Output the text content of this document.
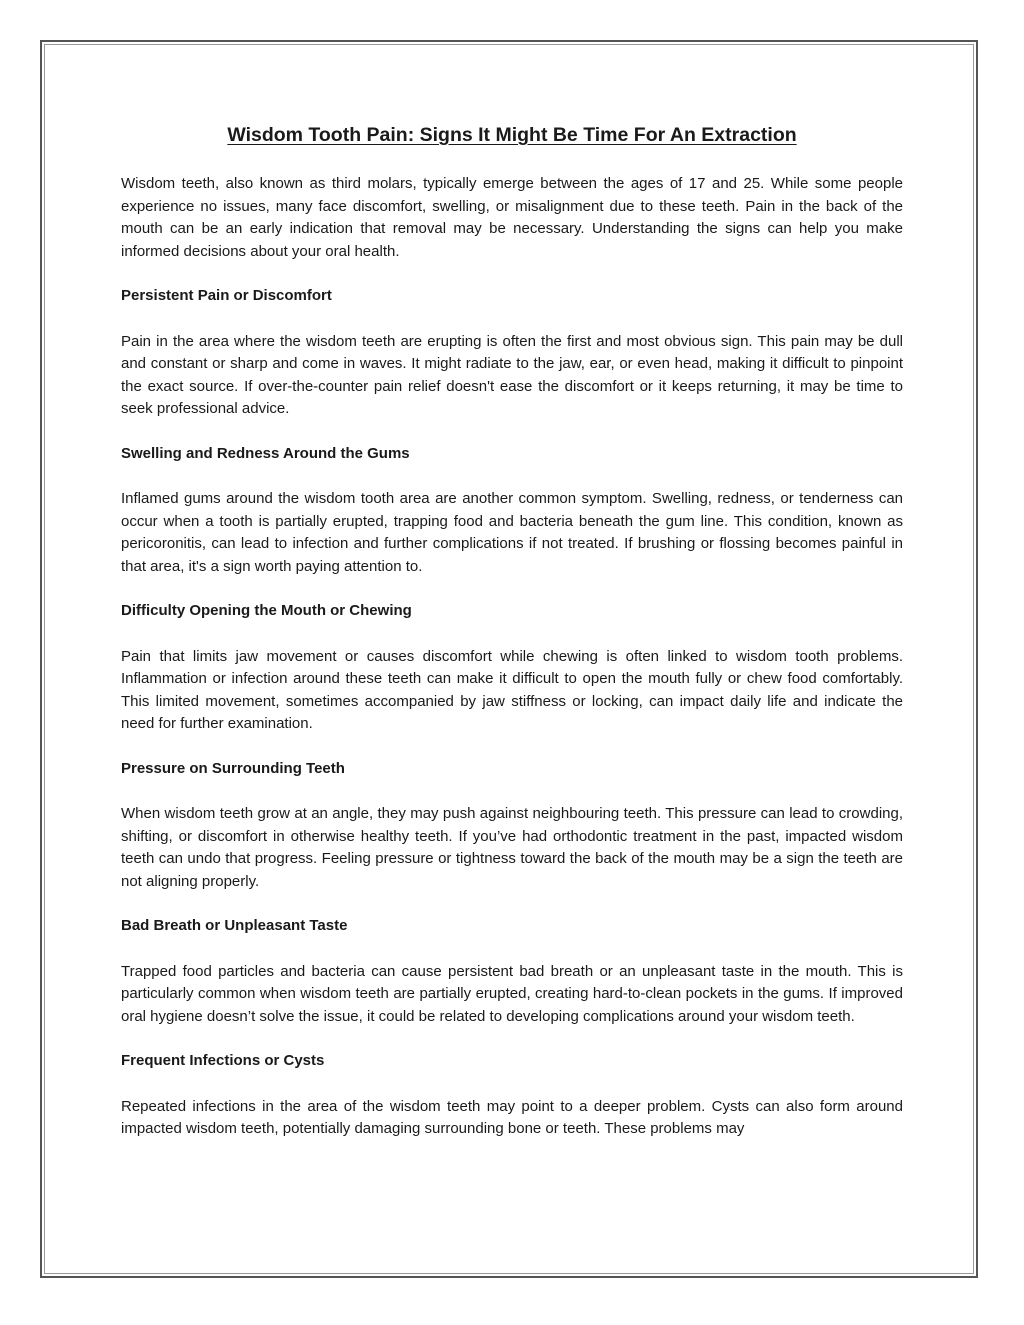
Wisdom Tooth Pain: Signs It Might Be Time For An Extraction

Wisdom teeth, also known as third molars, typically emerge between the ages of 17 and 25. While some people experience no issues, many face discomfort, swelling, or misalignment due to these teeth. Pain in the back of the mouth can be an early indication that removal may be necessary. Understanding the signs can help you make informed decisions about your oral health.

Persistent Pain or Discomfort

Pain in the area where the wisdom teeth are erupting is often the first and most obvious sign. This pain may be dull and constant or sharp and come in waves. It might radiate to the jaw, ear, or even head, making it difficult to pinpoint the exact source. If over-the-counter pain relief doesn't ease the discomfort or it keeps returning, it may be time to seek professional advice.

Swelling and Redness Around the Gums

Inflamed gums around the wisdom tooth area are another common symptom. Swelling, redness, or tenderness can occur when a tooth is partially erupted, trapping food and bacteria beneath the gum line. This condition, known as pericoronitis, can lead to infection and further complications if not treated. If brushing or flossing becomes painful in that area, it's a sign worth paying attention to.

Difficulty Opening the Mouth or Chewing

Pain that limits jaw movement or causes discomfort while chewing is often linked to wisdom tooth problems. Inflammation or infection around these teeth can make it difficult to open the mouth fully or chew food comfortably. This limited movement, sometimes accompanied by jaw stiffness or locking, can impact daily life and indicate the need for further examination.

Pressure on Surrounding Teeth

When wisdom teeth grow at an angle, they may push against neighbouring teeth. This pressure can lead to crowding, shifting, or discomfort in otherwise healthy teeth. If you’ve had orthodontic treatment in the past, impacted wisdom teeth can undo that progress. Feeling pressure or tightness toward the back of the mouth may be a sign the teeth are not aligning properly.

Bad Breath or Unpleasant Taste

Trapped food particles and bacteria can cause persistent bad breath or an unpleasant taste in the mouth. This is particularly common when wisdom teeth are partially erupted, creating hard-to-clean pockets in the gums. If improved oral hygiene doesn’t solve the issue, it could be related to developing complications around your wisdom teeth.

Frequent Infections or Cysts

Repeated infections in the area of the wisdom teeth may point to a deeper problem. Cysts can also form around impacted wisdom teeth, potentially damaging surrounding bone or teeth. These problems may
